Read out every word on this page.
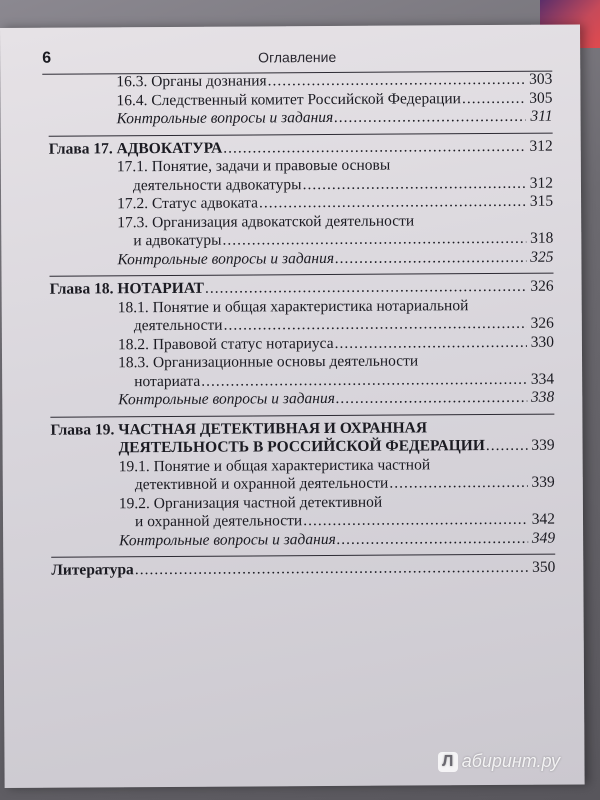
6	Оглавление
16.3. Органы дознания .....	303
16.4. Следственный комитет Российской Федерации .....	305
Контрольные вопросы и задания .....	311
Глава 17. АДВОКАТУРА .....	312
17.1. Понятие, задачи и правовые основы
деятельности адвокатуры .....	312
17.2. Статус адвоката .....	315
17.3. Организация адвокатской деятельности
и адвокатуры .....	318
Контрольные вопросы и задания .....	325
Глава 18. НОТАРИАТ .....	326
18.1. Понятие и общая характеристика нотариальной
деятельности .....	326
18.2. Правовой статус нотариуса .....	330
18.3. Организационные основы деятельности
нотариата .....	334
Контрольные вопросы и задания .....	338
Глава 19. ЧАСТНАЯ ДЕТЕКТИВНАЯ И ОХРАННАЯ
ДЕЯТЕЛЬНОСТЬ В РОССИЙСКОЙ ФЕДЕРАЦИИ .....	339
19.1. Понятие и общая характеристика частной
детективной и охранной деятельности .....	339
19.2. Организация частной детективной
и охранной деятельности .....	342
Контрольные вопросы и задания .....	349
Литература .....	350
Л абиринт.ру
